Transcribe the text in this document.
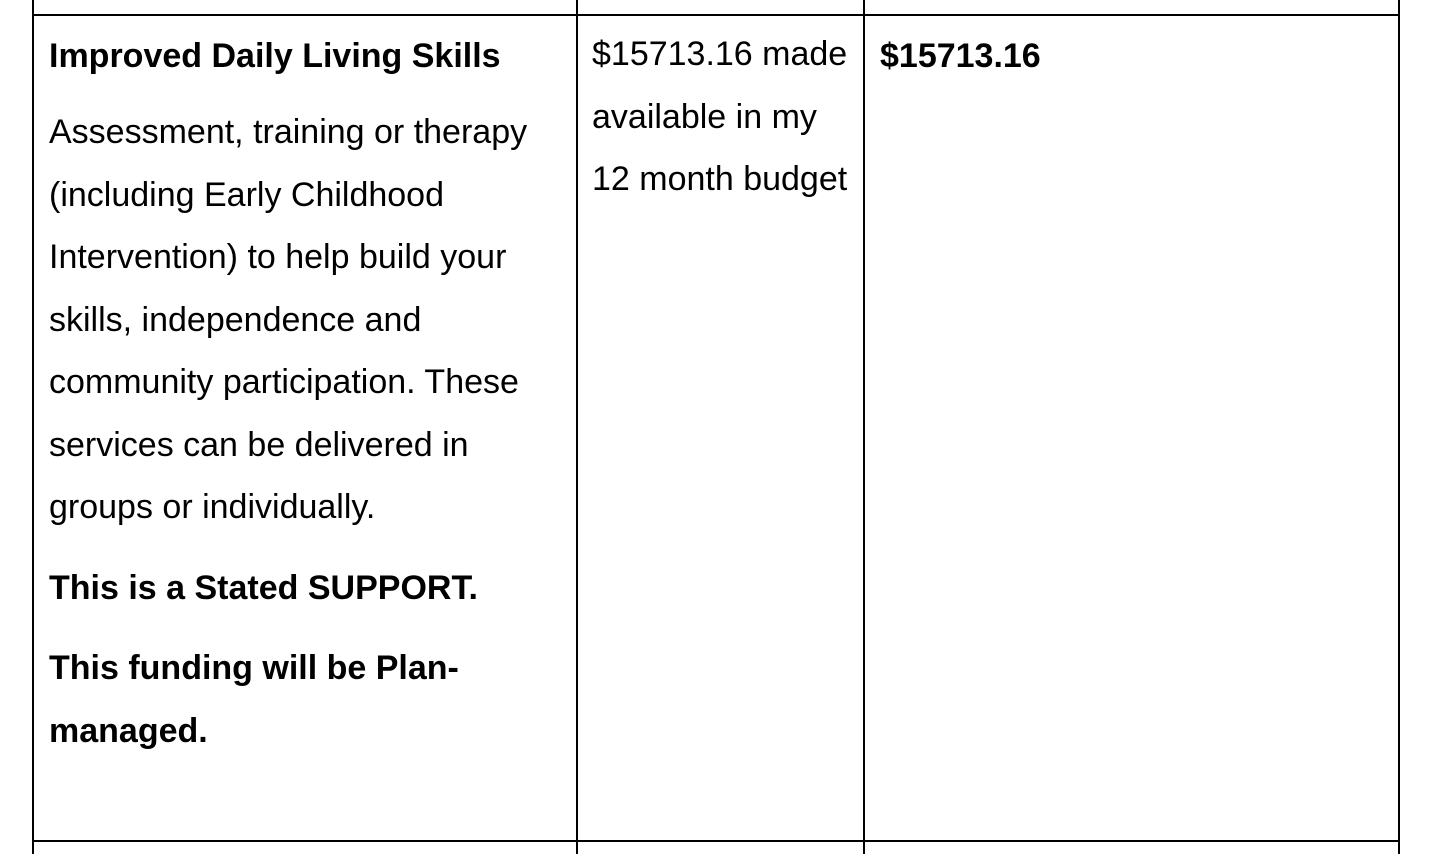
Improved Daily Living Skills

Assessment, training or therapy (including Early Childhood Intervention) to help build your skills, independence and community participation. These services can be delivered in groups or individually.

This is a Stated SUPPORT.

This funding will be Plan-managed.

$15713.16 made available in my 12 month budget

$15713.16
